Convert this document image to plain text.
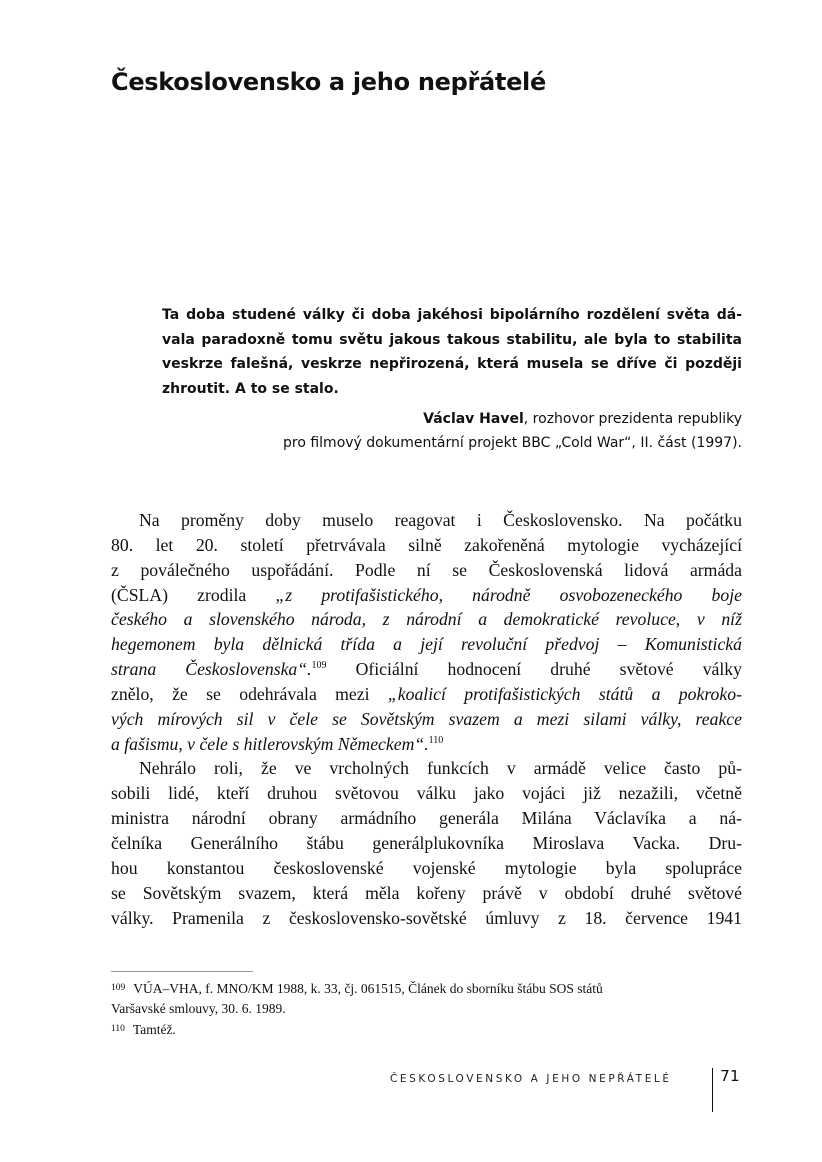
Československo a jeho nepřátelé
Ta doba studené války či doba jakéhosi bipolárního rozdělení světa dá-
vala paradoxně tomu světu jakous takous stabilitu, ale byla to stabilita
veskrze falešná, veskrze nepřirozená, která musela se dříve či později
zhroutit. A to se stalo.
Václav Havel, rozhovor prezidenta republiky
pro filmový dokumentární projekt BBC „Cold War“, II. část (1997).
Na proměny doby muselo reagovat i Československo. Na počátku
80. let 20. století přetrvávala silně zakořeněná mytologie vycházející
z poválečného uspořádání. Podle ní se Československá lidová armáda
(ČSLA) zrodila „z protifašistického, národně osvobozeneckého boje
českého a slovenského národa, z národní a demokratické revoluce, v níž
hegemonem byla dělnická třída a její revoluční předvoj – Komunistická
strana Československa“.$^{109}$ Oficiální hodnocení druhé světové války
znělo, že se odehrávala mezi „koalicí protifašistických států a pokroko-
vých mírových sil v čele se Sovětským svazem a mezi silami války, reakce
a fašismu, v čele s hitlerovským Německem“.$^{110}$
Nehrálo roli, že ve vrcholných funkcích v armádě velice často pů-
sobili lidé, kteří druhou světovou válku jako vojáci již nezažili, včetně
ministra národní obrany armádního generála Milána Václavíka a ná-
čelníka Generálního štábu generálplukovníka Miroslava Vacka. Dru-
hou konstantou československé vojenské mytologie byla spolupráce
se Sovětským svazem, která měla kořeny právě v období druhé světové
války. Pramenila z československo-sovětské úmluvy z 18. července 1941
$^{109}$ VÚA–VHA, f. MNO/KM 1988, k. 33, čj. 061515, Článek do sborníku štábu SOS států
Varšavské smlouvy, 30. 6. 1989.
$^{110}$ Tamtéž.
ČESKOSLOVENSKO A JEHO NEPŘÁTELÉ	71
